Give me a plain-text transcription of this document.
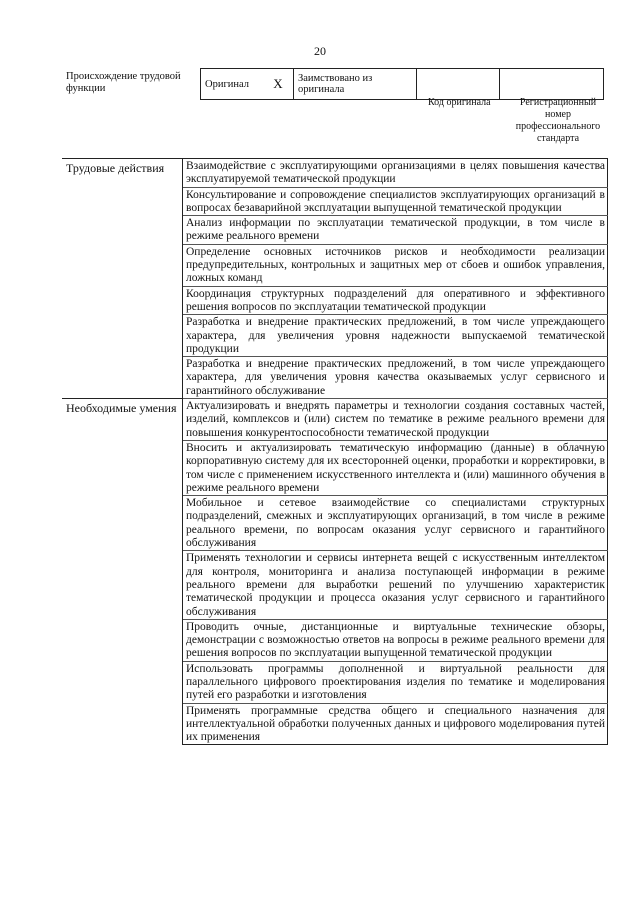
20
Происхождение трудовой функции	Оригинал	X	Заимствовано из оригинала		
Код оригинала	Регистрационный номер профессионального стандарта
Трудовые действия	Взаимодействие с эксплуатирующими организациями в целях повышения качества эксплуатируемой тематической продукции
	Консультирование и сопровождение специалистов эксплуатирующих организаций в вопросах безаварийной эксплуатации выпущенной тематической продукции
	Анализ информации по эксплуатации тематической продукции, в том числе в режиме реального времени
	Определение основных источников рисков и необходимости реализации предупредительных, контрольных и защитных мер от сбоев и ошибок управления, ложных команд
	Координация структурных подразделений для оперативного и эффективного решения вопросов по эксплуатации тематической продукции
	Разработка и внедрение практических предложений, в том числе упреждающего характера, для увеличения уровня надежности выпускаемой тематической продукции
	Разработка и внедрение практических предложений, в том числе упреждающего характера, для увеличения уровня качества оказываемых услуг сервисного и гарантийного обслуживание
Необходимые умения	Актуализировать и внедрять параметры и технологии создания составных частей, изделий, комплексов и (или) систем по тематике в режиме реального времени для повышения конкурентоспособности тематической продукции
	Вносить и актуализировать тематическую информацию (данные) в облачную корпоративную систему для их всесторонней оценки, проработки и корректировки, в том числе с применением искусственного интеллекта и (или) машинного обучения в режиме реального времени
	Мобильное и сетевое взаимодействие со специалистами структурных подразделений, смежных и эксплуатирующих организаций, в том числе в режиме реального времени, по вопросам оказания услуг сервисного и гарантийного обслуживания
	Применять технологии и сервисы интернета вещей с искусственным интеллектом для контроля, мониторинга и анализа поступающей информации в режиме реального времени для выработки решений по улучшению характеристик тематической продукции и процесса оказания услуг сервисного и гарантийного обслуживания
	Проводить очные, дистанционные и виртуальные технические обзоры, демонстрации с возможностью ответов на вопросы в режиме реального времени для решения вопросов по эксплуатации выпущенной тематической продукции
	Использовать программы дополненной и виртуальной реальности для параллельного цифрового проектирования изделия по тематике и моделирования путей его разработки и изготовления
	Применять программные средства общего и специального назначения для интеллектуальной обработки полученных данных и цифрового моделирования путей их применения
